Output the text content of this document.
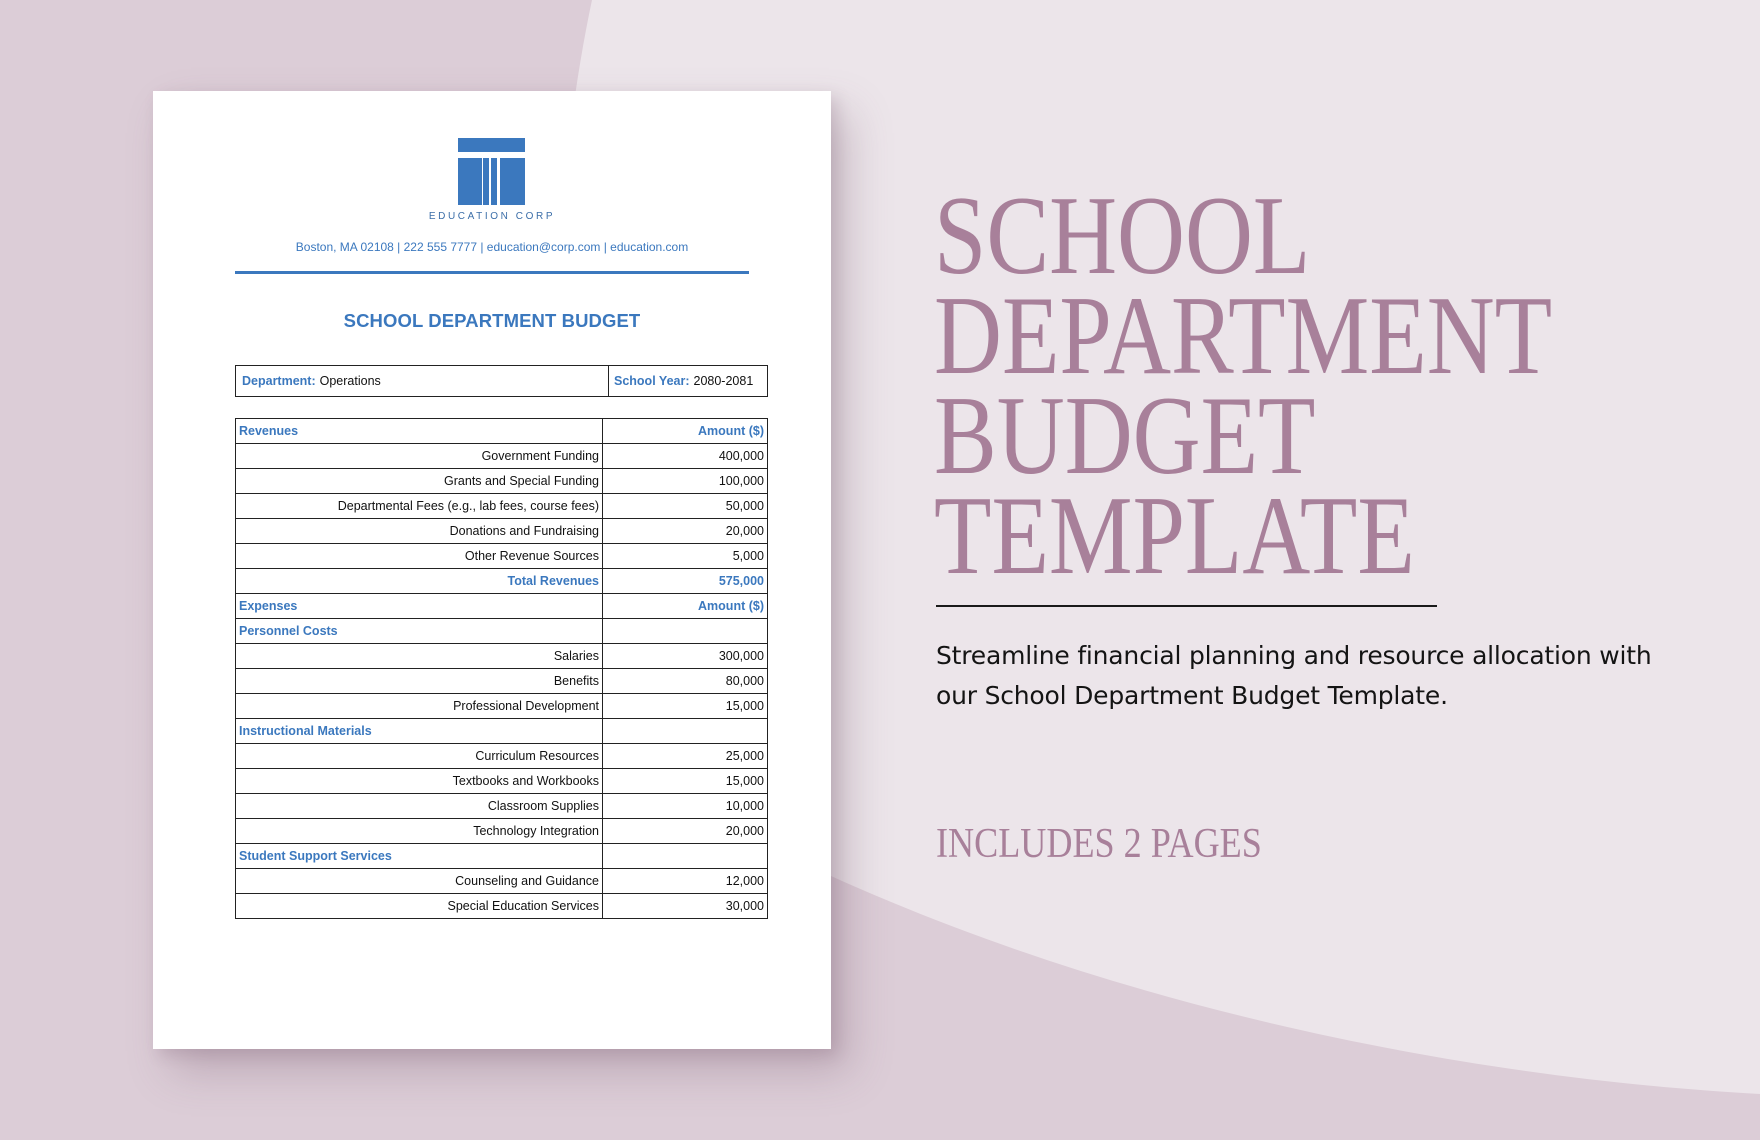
EDUCATION CORP
Boston, MA 02108 | 222 555 7777 | education@corp.com | education.com
SCHOOL DEPARTMENT BUDGET
Department: Operations	School Year: 2080-2081
Revenues	Amount ($)
Government Funding	400,000
Grants and Special Funding	100,000
Departmental Fees (e.g., lab fees, course fees)	50,000
Donations and Fundraising	20,000
Other Revenue Sources	5,000
Total Revenues	575,000
Expenses	Amount ($)
Personnel Costs	
Salaries	300,000
Benefits	80,000
Professional Development	15,000
Instructional Materials	
Curriculum Resources	25,000
Textbooks and Workbooks	15,000
Classroom Supplies	10,000
Technology Integration	20,000
Student Support Services	
Counseling and Guidance	12,000
Special Education Services	30,000
SCHOOL
DEPARTMENT
BUDGET
TEMPLATE
Streamline financial planning and resource allocation with our School Department Budget Template.
INCLUDES 2 PAGES
